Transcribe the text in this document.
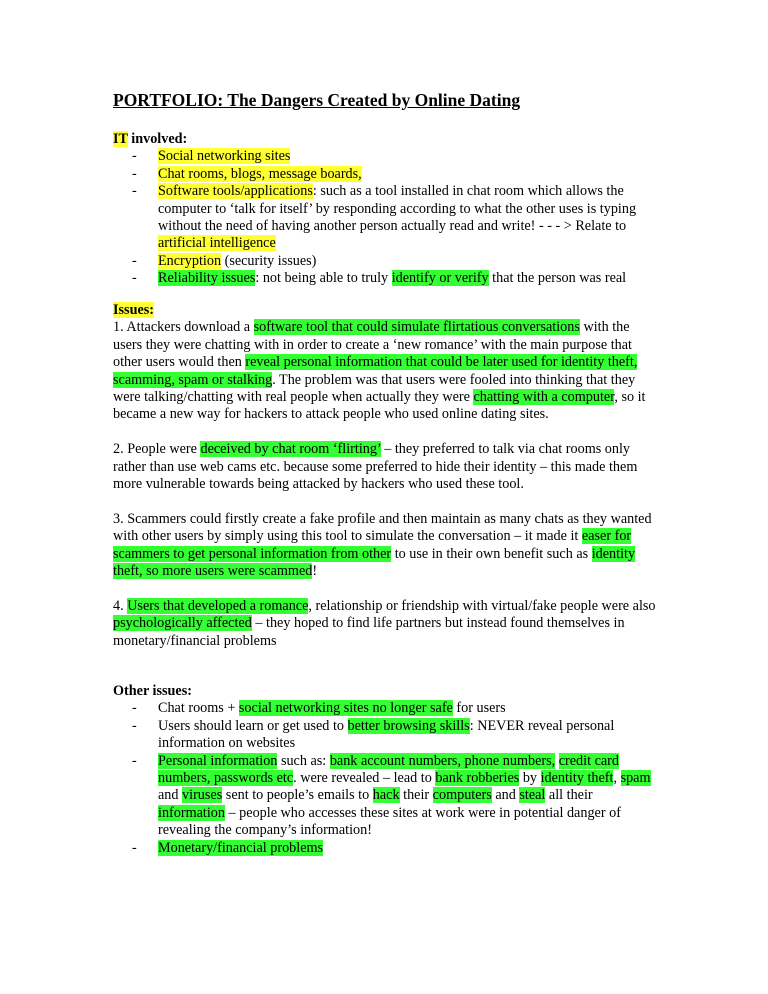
PORTFOLIO: The Dangers Created by Online Dating
IT involved:
- Social networking sites
- Chat rooms, blogs, message boards,
- Software tools/applications: such as a tool installed in chat room which allows the computer to ‘talk for itself’ by responding according to what the other uses is typing without the need of having another person actually read and write! - - - > Relate to artificial intelligence
- Encryption (security issues)
- Reliability issues: not being able to truly identify or verify that the person was real
Issues:

1. Attackers download a software tool that could simulate flirtatious conversations with the users they were chatting with in order to create a ‘new romance’ with the main purpose that other users would then reveal personal information that could be later used for identity theft, scamming, spam or stalking. The problem was that users were fooled into thinking that they were talking/chatting with real people when actually they were chatting with a computer, so it became a new way for hackers to attack people who used online dating sites.

2. People were deceived by chat room ‘flirting’ – they preferred to talk via chat rooms only rather than use web cams etc. because some preferred to hide their identity – this made them more vulnerable towards being attacked by hackers who used these tool.

3. Scammers could firstly create a fake profile and then maintain as many chats as they wanted with other users by simply using this tool to simulate the conversation – it made it easer for scammers to get personal information from other to use in their own benefit such as identity theft, so more users were scammed!

4. Users that developed a romance, relationship or friendship with virtual/fake people were also psychologically affected – they hoped to find life partners but instead found themselves in monetary/financial problems

Other issues:
- Chat rooms + social networking sites no longer safe for users
- Users should learn or get used to better browsing skills: NEVER reveal personal information on websites
- Personal information such as: bank account numbers, phone numbers, credit card numbers, passwords etc. were revealed – lead to bank robberies by identity theft, spam and viruses sent to people’s emails to hack their computers and steal all their information – people who accesses these sites at work were in potential danger of revealing the company’s information!
- Monetary/financial problems
